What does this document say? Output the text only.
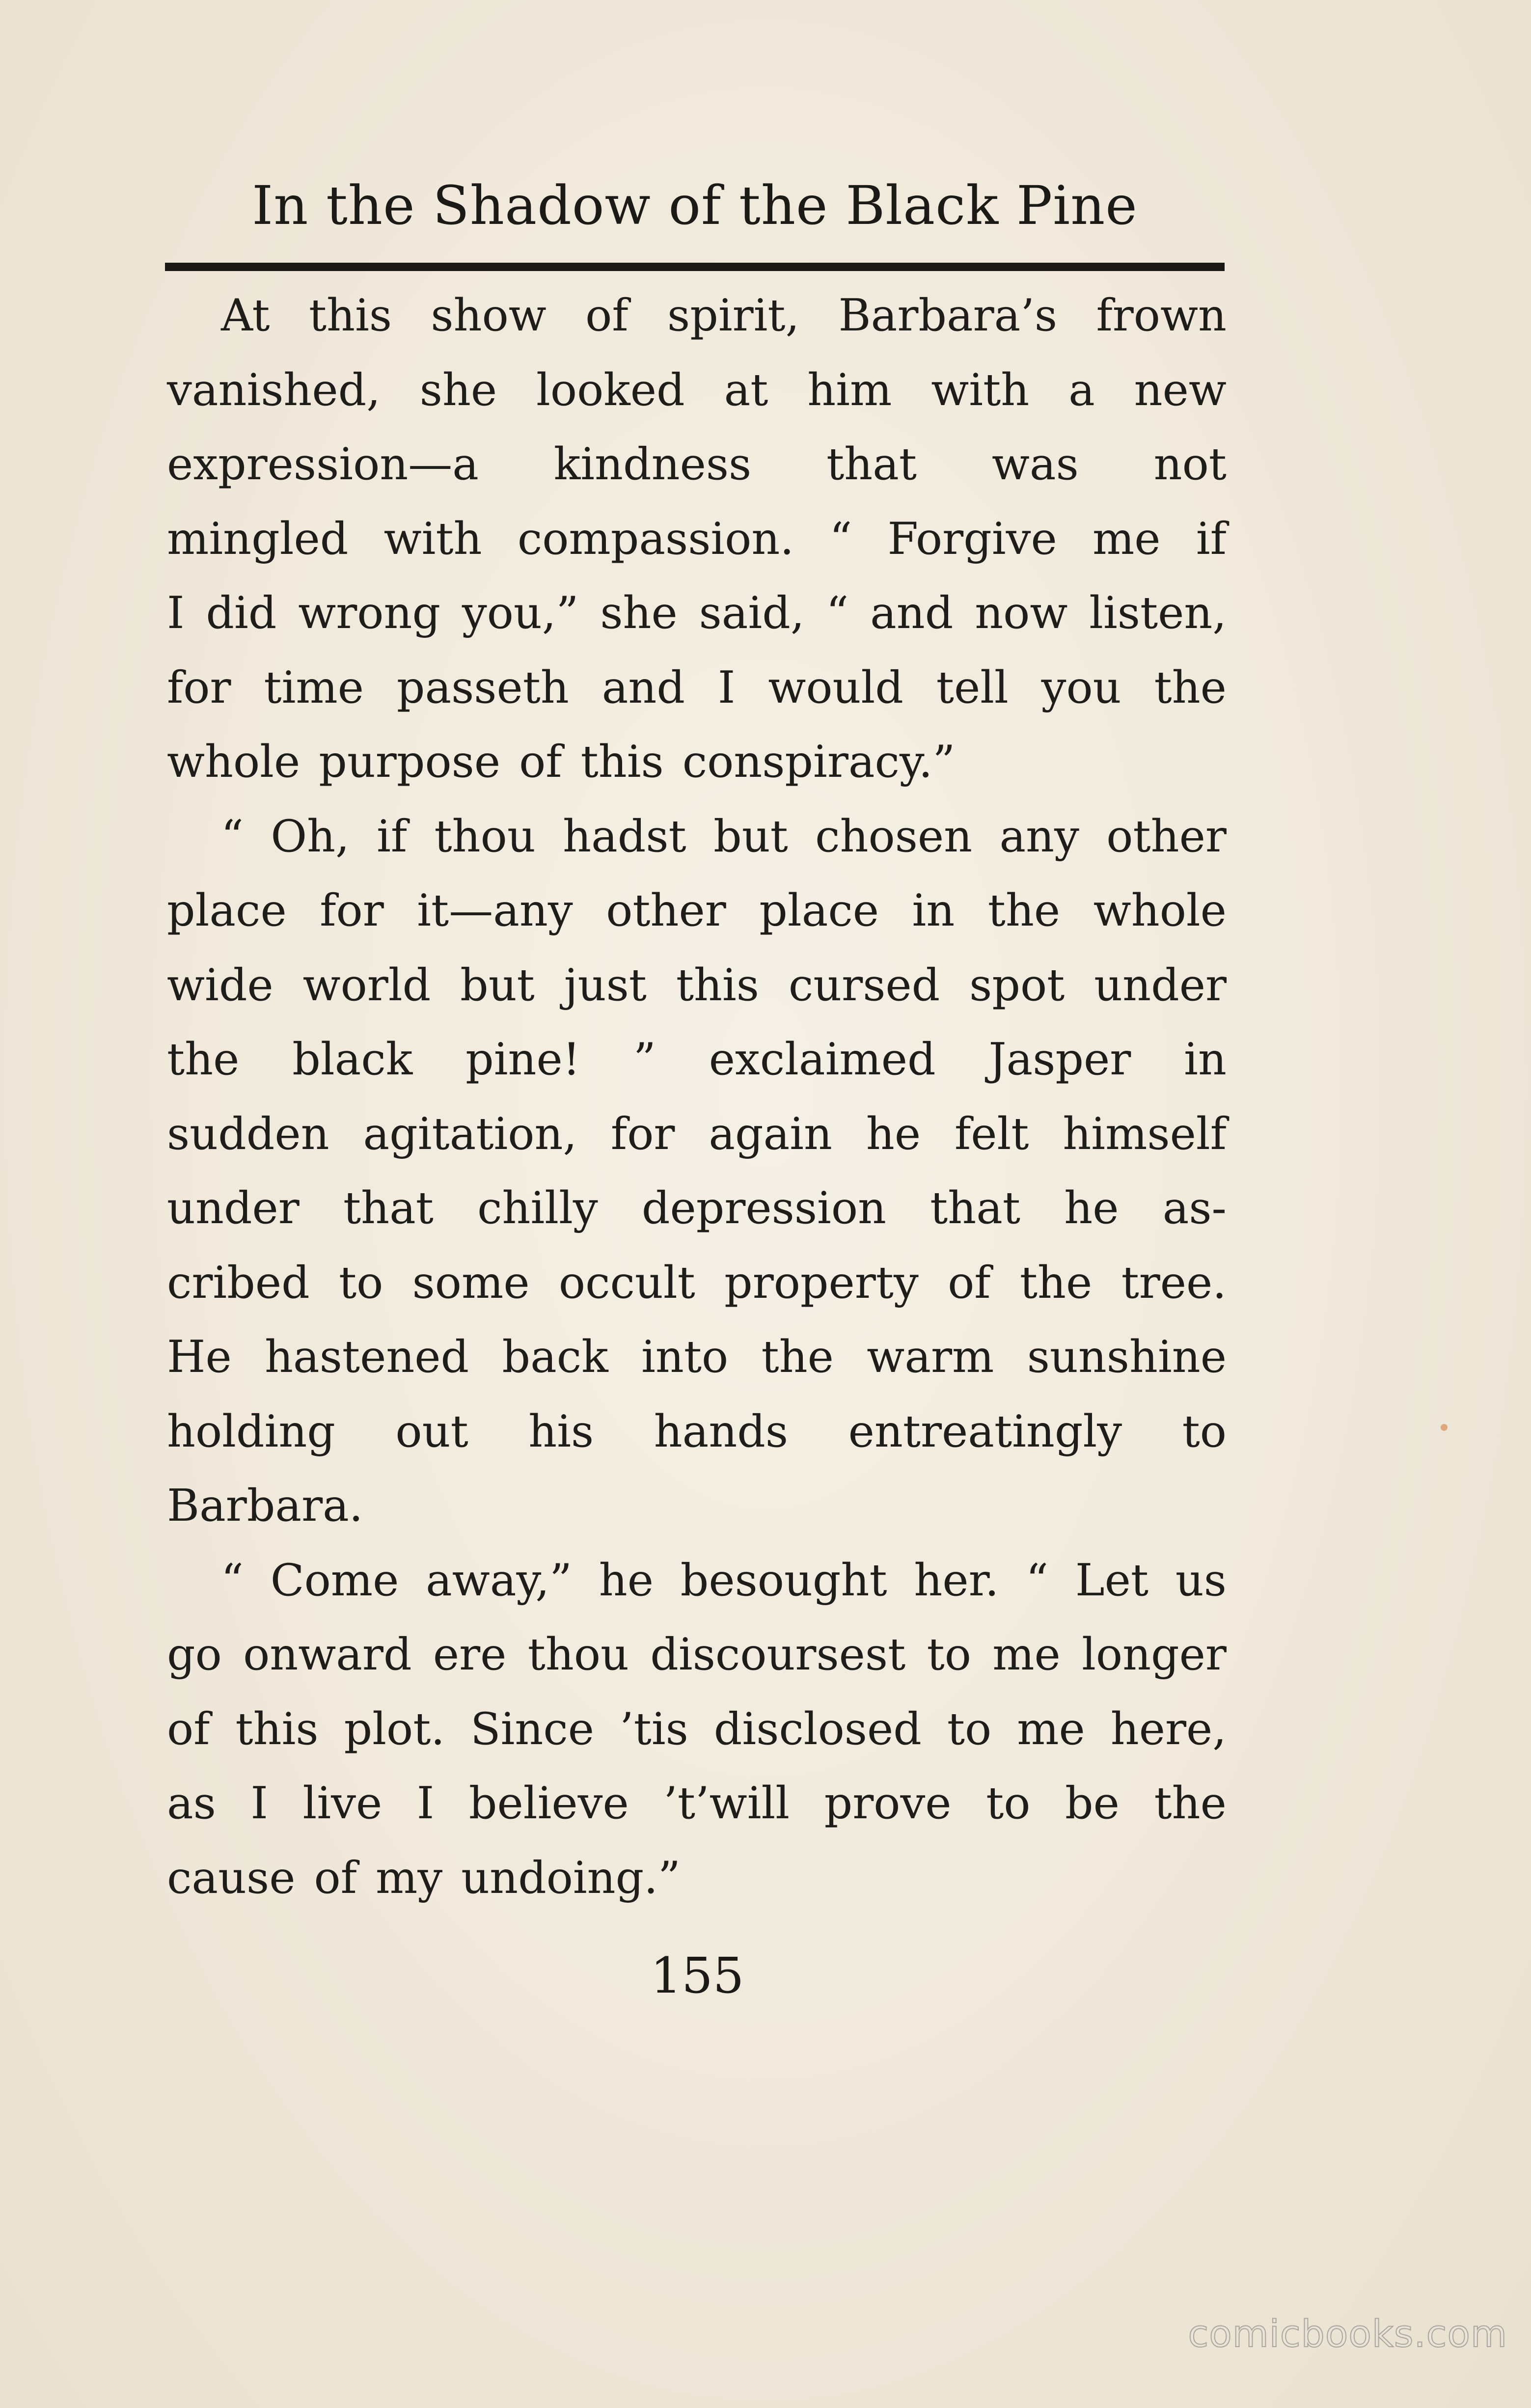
In the Shadow of the Black Pine
At this show of spirit, Barbara’s frown
vanished, she looked at him with a new
expression—a kindness that was not
mingled with compassion. “ Forgive me if
I did wrong you,” she said, “ and now listen,
for time passeth and I would tell you the
whole purpose of this conspiracy.”
“ Oh, if thou hadst but chosen any other
place for it—any other place in the whole
wide world but just this cursed spot under
the black pine! ” exclaimed Jasper in
sudden agitation, for again he felt himself
under that chilly depression that he as-
cribed to some occult property of the tree.
He hastened back into the warm sunshine
holding out his hands entreatingly to
Barbara.
“ Come away,” he besought her. “ Let us
go onward ere thou discoursest to me longer
of this plot. Since ’tis disclosed to me here,
as I live I believe ’t’will prove to be the
cause of my undoing.”
155
comicbooks.com
